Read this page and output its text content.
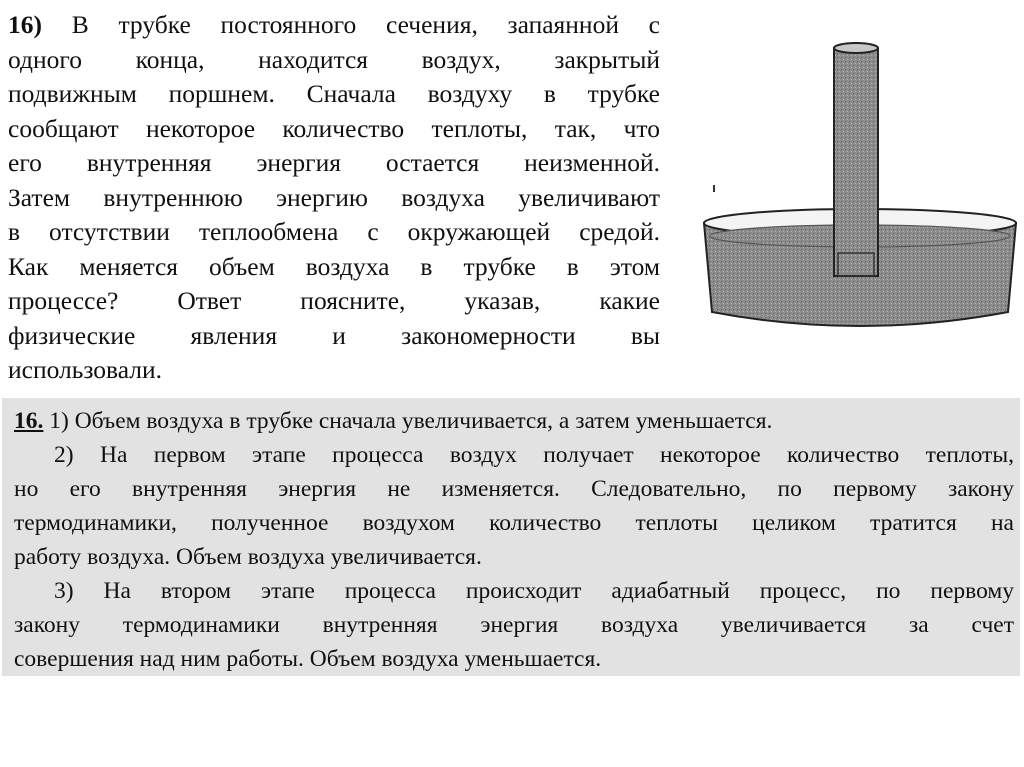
16) В трубке постоянного сечения, запаянной с
одного конца, находится воздух, закрытый
подвижным поршнем. Сначала воздуху в трубке
сообщают некоторое количество теплоты, так, что
его внутренняя энергия остается неизменной.
Затем внутреннюю энергию воздуха увеличивают
в отсутствии теплообмена с окружающей средой.
Как меняется объем воздуха в трубке в этом
процессе? Ответ поясните, указав, какие
физические явления и закономерности вы
использовали.
16. 1) Объем воздуха в трубке сначала увеличивается, а затем уменьшается.
2) На первом этапе процесса воздух получает некоторое количество теплоты,
но его внутренняя энергия не изменяется. Следовательно, по первому закону
термодинамики, полученное воздухом количество теплоты целиком тратится на
работу воздуха. Объем воздуха увеличивается.
3) На втором этапе процесса происходит адиабатный процесс, по первому
закону термодинамики внутренняя энергия воздуха увеличивается за счет
совершения над ним работы. Объем воздуха уменьшается.
